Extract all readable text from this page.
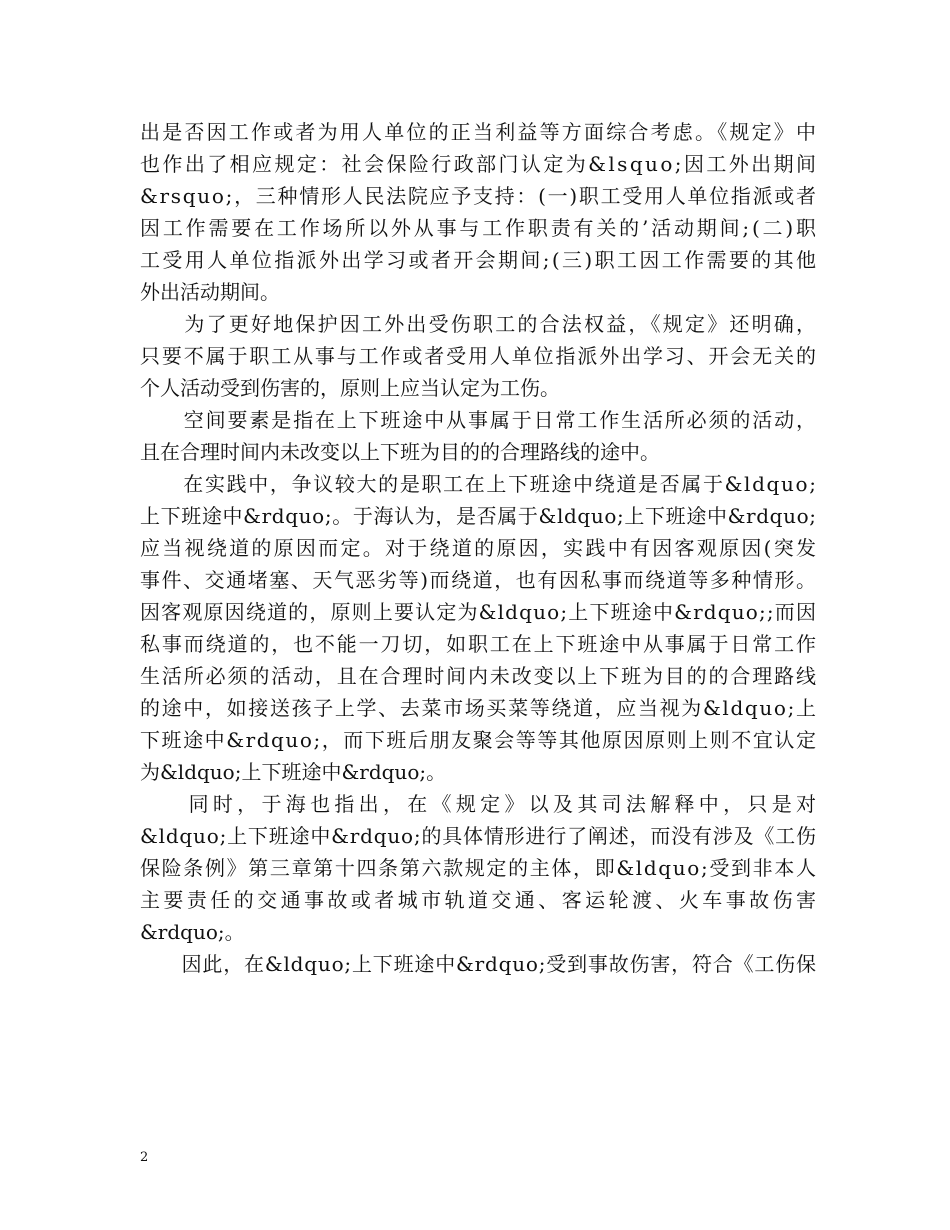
出是否因工作或者为用人单位的正当利益等方面综合考虑。《规定》中
也作出了相应规定：社会保险行政部门认定为&lsquo;因工外出期间
&rsquo;，三种情形人民法院应予支持：(一)职工受用人单位指派或者
因工作需要在工作场所以外从事与工作职责有关的’活动期间;(二)职
工受用人单位指派外出学习或者开会期间;(三)职工因工作需要的其他
外出活动期间。
　　为了更好地保护因工外出受伤职工的合法权益，《规定》还明确，
只要不属于职工从事与工作或者受用人单位指派外出学习、开会无关的
个人活动受到伤害的，原则上应当认定为工伤。
　　空间要素是指在上下班途中从事属于日常工作生活所必须的活动，
且在合理时间内未改变以上下班为目的的合理路线的途中。
　　在实践中，争议较大的是职工在上下班途中绕道是否属于&ldquo;
上下班途中&rdquo;。于海认为，是否属于&ldquo;上下班途中&rdquo;
应当视绕道的原因而定。对于绕道的原因，实践中有因客观原因(突发
事件、交通堵塞、天气恶劣等)而绕道，也有因私事而绕道等多种情形。
因客观原因绕道的，原则上要认定为&ldquo;上下班途中&rdquo;;而因
私事而绕道的，也不能一刀切，如职工在上下班途中从事属于日常工作
生活所必须的活动，且在合理时间内未改变以上下班为目的的合理路线
的途中，如接送孩子上学、去菜市场买菜等绕道，应当视为&ldquo;上
下班途中&rdquo;，而下班后朋友聚会等等其他原因原则上则不宜认定
为&ldquo;上下班途中&rdquo;。
　　同时，于海也指出，在《规定》以及其司法解释中，只是对
&ldquo;上下班途中&rdquo;的具体情形进行了阐述，而没有涉及《工伤
保险条例》第三章第十四条第六款规定的主体，即&ldquo;受到非本人
主要责任的交通事故或者城市轨道交通、客运轮渡、火车事故伤害
&rdquo;。
　　因此，在&ldquo;上下班途中&rdquo;受到事故伤害，符合《工伤保
2
